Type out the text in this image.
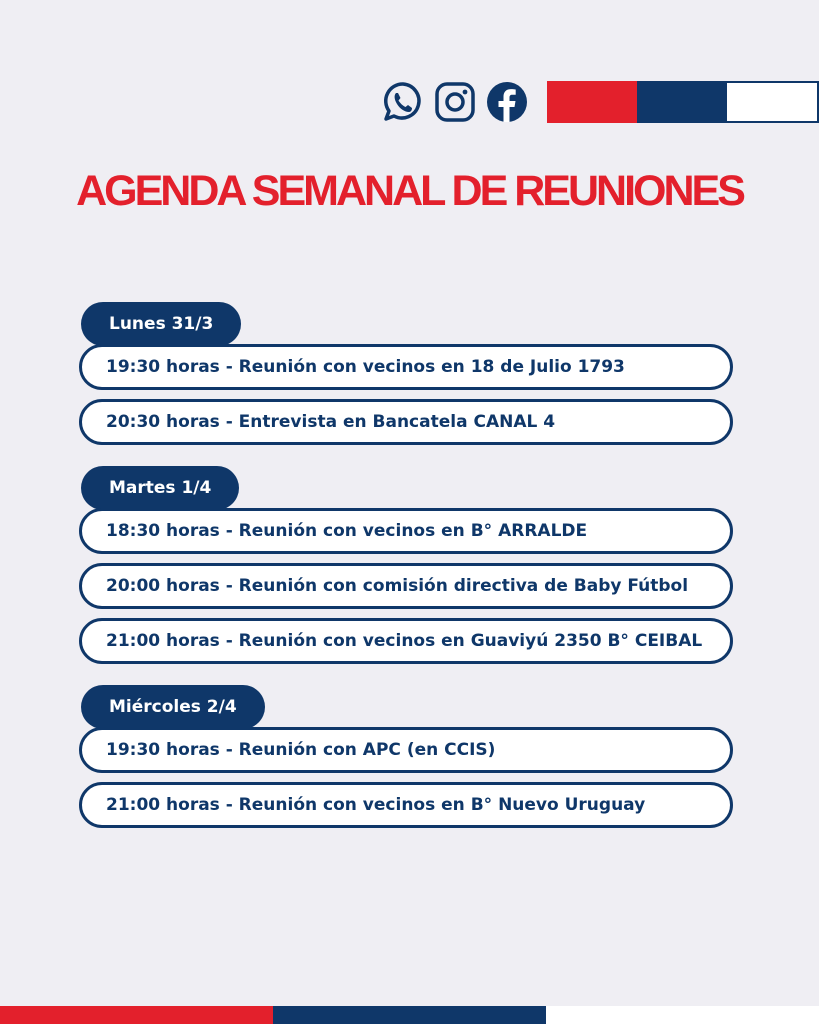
AGENDA SEMANAL DE REUNIONES
Lunes 31/3
19:30 horas - Reunión con vecinos en 18 de Julio 1793
20:30 horas - Entrevista en Bancatela CANAL 4
Martes 1/4
18:30 horas - Reunión con vecinos en B° ARRALDE
20:00 horas - Reunión con comisión directiva de Baby Fútbol
21:00 horas - Reunión con vecinos en Guaviyú 2350 B° CEIBAL
Miércoles 2/4
19:30 horas - Reunión con APC (en CCIS)
21:00 horas - Reunión con vecinos en B° Nuevo Uruguay
